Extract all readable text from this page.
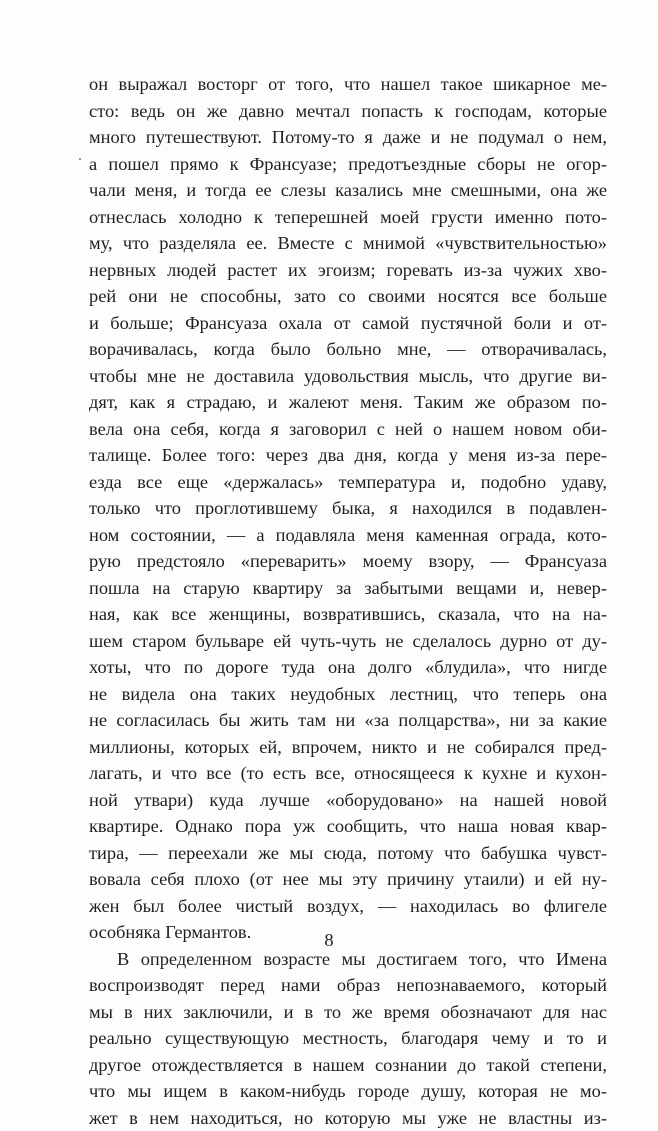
он выражал восторг от того, что нашел такое шикарное ме-
сто: ведь он же давно мечтал попасть к господам, которые
много путешествуют. Потому-то я даже и не подумал о нем,
а пошел прямо к Франсуазе; предотъездные сборы не огор-
чали меня, и тогда ее слезы казались мне смешными, она же
отнеслась холодно к теперешней моей грусти именно пото-
му, что разделяла ее. Вместе с мнимой «чувствительностью»
нервных людей растет их эгоизм; горевать из-за чужих хво-
рей они не способны, зато со своими носятся все больше
и больше; Франсуаза охала от самой пустячной боли и от-
ворачивалась, когда было больно мне, — отворачивалась,
чтобы мне не доставила удовольствия мысль, что другие ви-
дят, как я страдаю, и жалеют меня. Таким же образом по-
вела она себя, когда я заговорил с ней о нашем новом оби-
талище. Более того: через два дня, когда у меня из-за пере-
езда все еще «держалась» температура и, подобно удаву,
только что проглотившему быка, я находился в подавлен-
ном состоянии, — а подавляла меня каменная ограда, кото-
рую предстояло «переварить» моему взору, — Франсуаза
пошла на старую квартиру за забытыми вещами и, невер-
ная, как все женщины, возвратившись, сказала, что на на-
шем старом бульваре ей чуть-чуть не сделалось дурно от ду-
хоты, что по дороге туда она долго «блудила», что нигде
не видела она таких неудобных лестниц, что теперь она
не согласилась бы жить там ни «за полцарства», ни за какие
миллионы, которых ей, впрочем, никто и не собирался пред-
лагать, и что все (то есть все, относящееся к кухне и кухон-
ной утвари) куда лучше «оборудовано» на нашей новой
квартире. Однако пора уж сообщить, что наша новая квар-
тира, — переехали же мы сюда, потому что бабушка чувст-
вовала себя плохо (от нее мы эту причину утаили) и ей ну-
жен был более чистый воздух, — находилась во флигеле
особняка Германтов.
В определенном возрасте мы достигаем того, что Имена
воспроизводят перед нами образ непознаваемого, который
мы в них заключили, и в то же время обозначают для нас
реально существующую местность, благодаря чему и то и
другое отождествляется в нашем сознании до такой степени,
что мы ищем в каком-нибудь городе душу, которая не мо-
жет в нем находиться, но которую мы уже не властны из-
8
